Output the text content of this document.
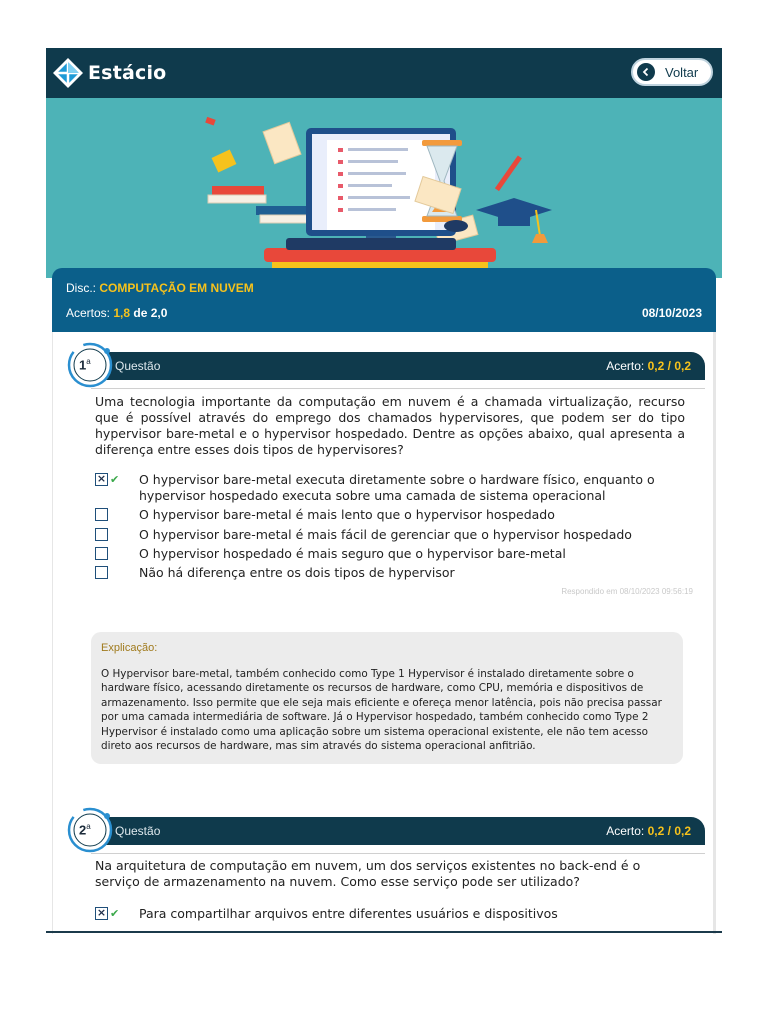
Estácio	Voltar
Disc.: COMPUTAÇÃO EM NUVEM
Acertos: 1,8 de 2,0	08/10/2023
1$^a$ Questão	Acerto: 0,2 / 0,2
Uma tecnologia importante da computação em nuvem é a chamada virtualização, recurso que é possível através do emprego dos chamados hypervisores, que podem ser do tipo hypervisor bare-metal e o hypervisor hospedado. Dentre as opções abaixo, qual apresenta a diferença entre esses dois tipos de hypervisores?
× ✔ O hypervisor bare-metal executa diretamente sobre o hardware físico, enquanto o hypervisor hospedado executa sobre uma camada de sistema operacional
O hypervisor bare-metal é mais lento que o hypervisor hospedado
O hypervisor bare-metal é mais fácil de gerenciar que o hypervisor hospedado
O hypervisor hospedado é mais seguro que o hypervisor bare-metal
Não há diferença entre os dois tipos de hypervisor
Respondido em 08/10/2023 09:56:19
Explicação:
O Hypervisor bare-metal, também conhecido como Type 1 Hypervisor é instalado diretamente sobre o hardware físico, acessando diretamente os recursos de hardware, como CPU, memória e dispositivos de armazenamento. Isso permite que ele seja mais eficiente e ofereça menor latência, pois não precisa passar por uma camada intermediária de software. Já o Hypervisor hospedado, também conhecido como Type 2 Hypervisor é instalado como uma aplicação sobre um sistema operacional existente, ele não tem acesso direto aos recursos de hardware, mas sim através do sistema operacional anfitrião.
2$^a$ Questão	Acerto: 0,2 / 0,2
Na arquitetura de computação em nuvem, um dos serviços existentes no back-end é o serviço de armazenamento na nuvem. Como esse serviço pode ser utilizado?
× ✔ Para compartilhar arquivos entre diferentes usuários e dispositivos
